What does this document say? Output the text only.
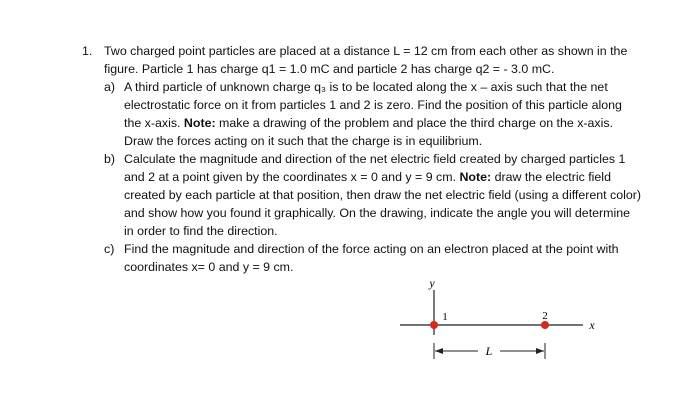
1. Two charged point particles are placed at a distance L = 12 cm from each other as shown in the figure. Particle 1 has charge q1 = 1.0 mC and particle 2 has charge q2 = - 3.0 mC.
a) A third particle of unknown charge q₃ is to be located along the x – axis such that the net electrostatic force on it from particles 1 and 2 is zero. Find the position of this particle along the x-axis. Note: make a drawing of the problem and place the third charge on the x-axis. Draw the forces acting on it such that the charge is in equilibrium.
b) Calculate the magnitude and direction of the net electric field created by charged particles 1 and 2 at a point given by the coordinates x = 0 and y = 9 cm. Note: draw the electric field created by each particle at that position, then draw the net electric field (using a different color) and show how you found it graphically. On the drawing, indicate the angle you will determine in order to find the direction.
c) Find the magnitude and direction of the force acting on an electron placed at the point with coordinates x= 0 and y = 9 cm.
y
x
1	2
L
